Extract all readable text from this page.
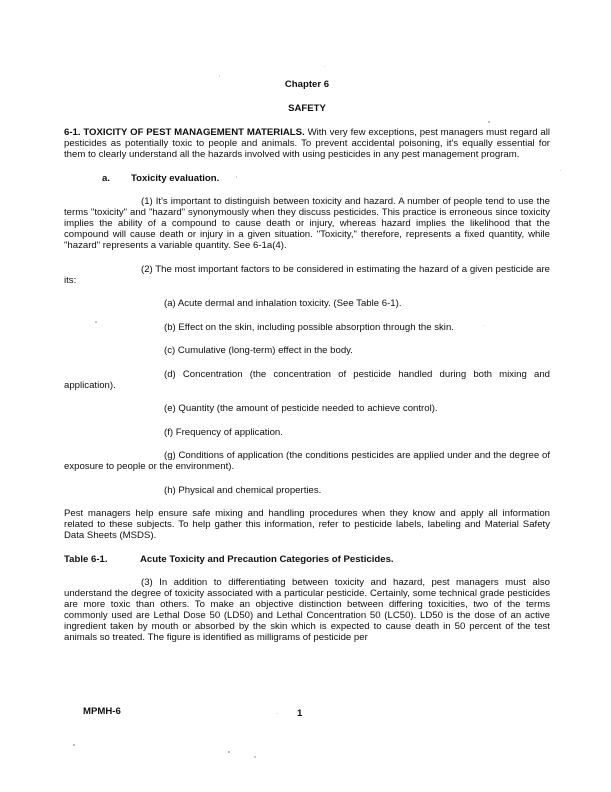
Chapter 6
SAFETY

6-1. TOXICITY OF PEST MANAGEMENT MATERIALS. With very few exceptions, pest managers must regard all pesticides as potentially toxic to people and animals. To prevent accidental poisoning, it's equally essential for them to clearly understand all the hazards involved with using pesticides in any pest management program.

a. Toxicity evaluation.

(1) It's important to distinguish between toxicity and hazard. A number of people tend to use the terms "toxicity" and "hazard" synonymously when they discuss pesticides. This practice is erroneous since toxicity implies the ability of a compound to cause death or injury, whereas hazard implies the likelihood that the compound will cause death or injury in a given situation. "Toxicity," therefore, represents a fixed quantity, while "hazard" represents a variable quantity. See 6-1a(4).

(2) The most important factors to be considered in estimating the hazard of a given pesticide are its:

(a) Acute dermal and inhalation toxicity. (See Table 6-1).

(b) Effect on the skin, including possible absorption through the skin.

(c) Cumulative (long-term) effect in the body.

(d) Concentration (the concentration of pesticide handled during both mixing and application).

(e) Quantity (the amount of pesticide needed to achieve control).

(f) Frequency of application.

(g) Conditions of application (the conditions pesticides are applied under and the degree of exposure to people or the environment).

(h) Physical and chemical properties.

Pest managers help ensure safe mixing and handling procedures when they know and apply all information related to these subjects. To help gather this information, refer to pesticide labels, labeling and Material Safety Data Sheets (MSDS).

Table 6-1.	Acute Toxicity and Precaution Categories of Pesticides.

(3) In addition to differentiating between toxicity and hazard, pest managers must also understand the degree of toxicity associated with a particular pesticide. Certainly, some technical grade pesticides are more toxic than others. To make an objective distinction between differing toxicities, two of the terms commonly used are Lethal Dose 50 (LD50) and Lethal Concentration 50 (LC50). LD50 is the dose of an active ingredient taken by mouth or absorbed by the skin which is expected to cause death in 50 percent of the test animals so treated. The figure is identified as milligrams of pesticide per

MPMH-6	1
